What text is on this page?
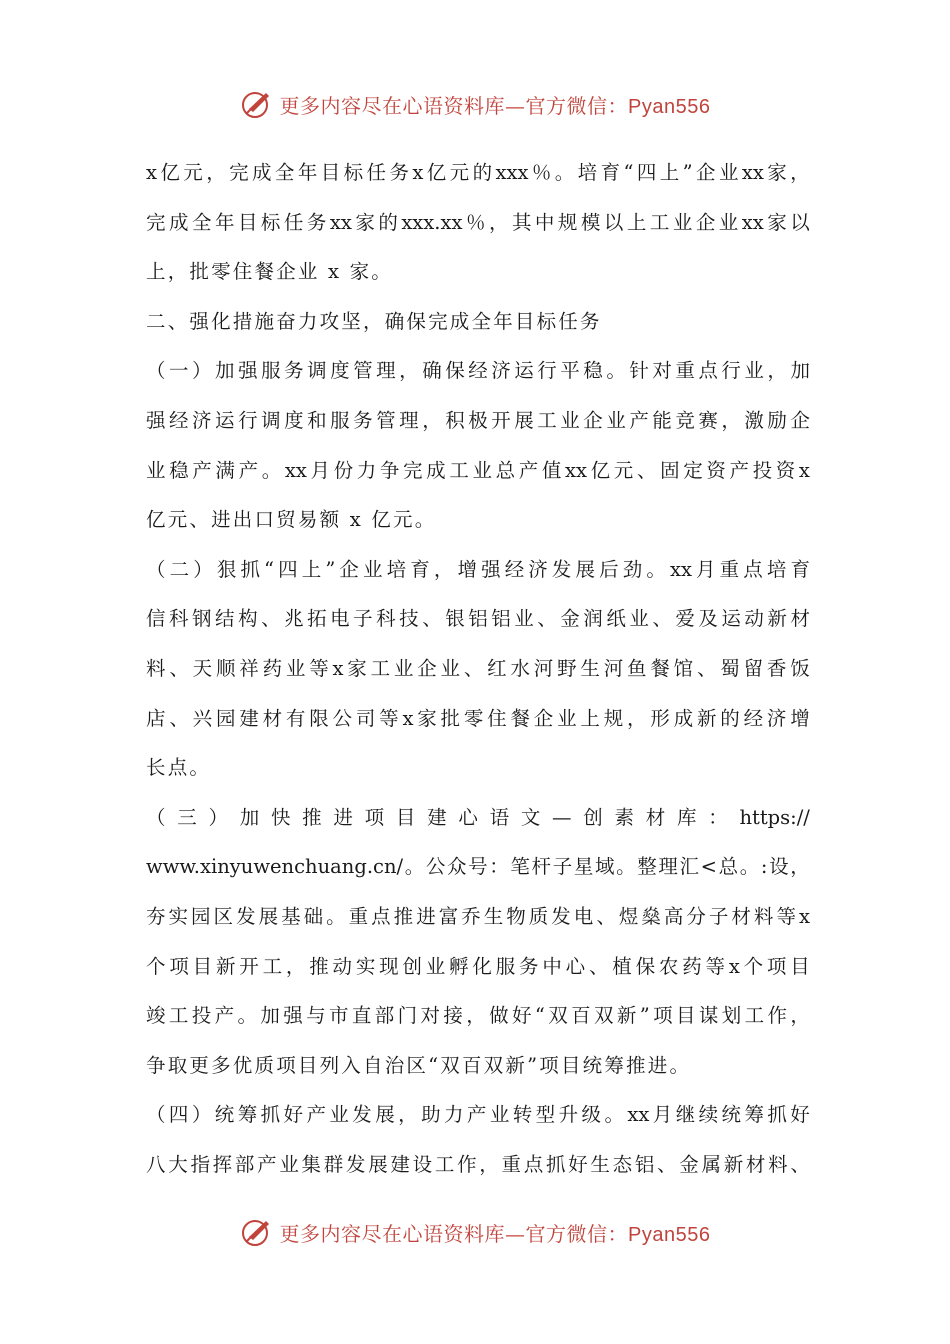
更多内容尽在心语资料库—官方微信：Pyan556
x 亿 元 ， 完 成 全 年 目 标 任 务 x 亿 元 的 xxx ％ 。 培 育 “ 四 上 ” 企 业 xx 家 ，
完 成 全 年 目 标 任 务 xx 家 的 xxx.xx ％ ， 其 中 规 模 以 上 工 业 企 业 xx 家 以
上，批零住餐企业 x 家。
二、强化措施奋力攻坚，确保完成全年目标任务
（ 一 ） 加 强 服 务 调 度 管 理 ， 确 保 经 济 运 行 平 稳 。 针 对 重 点 行 业 ， 加
强 经 济 运 行 调 度 和 服 务 管 理 ， 积 极 开 展 工 业 企 业 产 能 竞 赛 ， 激 励 企
业 稳 产 满 产 。 xx 月 份 力 争 完 成 工 业 总 产 值 xx 亿 元 、 固 定 资 产 投 资 x
亿元、进出口贸易额 x 亿元。
（ 二 ） 狠 抓 “ 四 上 ” 企 业 培 育 ， 增 强 经 济 发 展 后 劲 。 xx 月 重 点 培 育
信 科 钢 结 构 、 兆 拓 电 子 科 技 、 银 铝 铝 业 、 金 润 纸 业 、 爱 及 运 动 新 材
料 、 天 顺 祥 药 业 等 x 家 工 业 企 业 、 红 水 河 野 生 河 鱼 餐 馆 、 蜀 留 香 饭
店 、 兴 园 建 材 有 限 公 司 等 x 家 批 零 住 餐 企 业 上 规 ， 形 成 新 的 经 济 增
长点。
（ 三 ） 加 快 推 进 项 目 建 心 语 文 — 创 素 材 库 ： https://
www.xinyuwenchuang.cn/ 。 公 众 号 ： 笔 杆 子 星 域 。 整 理 汇 < 总 。 : 设 ，
夯 实 园 区 发 展 基 础 。 重 点 推 进 富 乔 生 物 质 发 电 、 煜 燊 高 分 子 材 料 等 x
个 项 目 新 开 工 ， 推 动 实 现 创 业 孵 化 服 务 中 心 、 植 保 农 药 等 x 个 项 目
竣 工 投 产 。 加 强 与 市 直 部 门 对 接 ， 做 好 “ 双 百 双 新 ” 项 目 谋 划 工 作 ，
争取更多优质项目列入自治区“双百双新”项目统筹推进。
（ 四 ） 统 筹 抓 好 产 业 发 展 ， 助 力 产 业 转 型 升 级 。 xx 月 继 续 统 筹 抓 好
八 大 指 挥 部 产 业 集 群 发 展 建 设 工 作 ， 重 点 抓 好 生 态 铝 、 金 属 新 材 料 、
更多内容尽在心语资料库—官方微信：Pyan556
